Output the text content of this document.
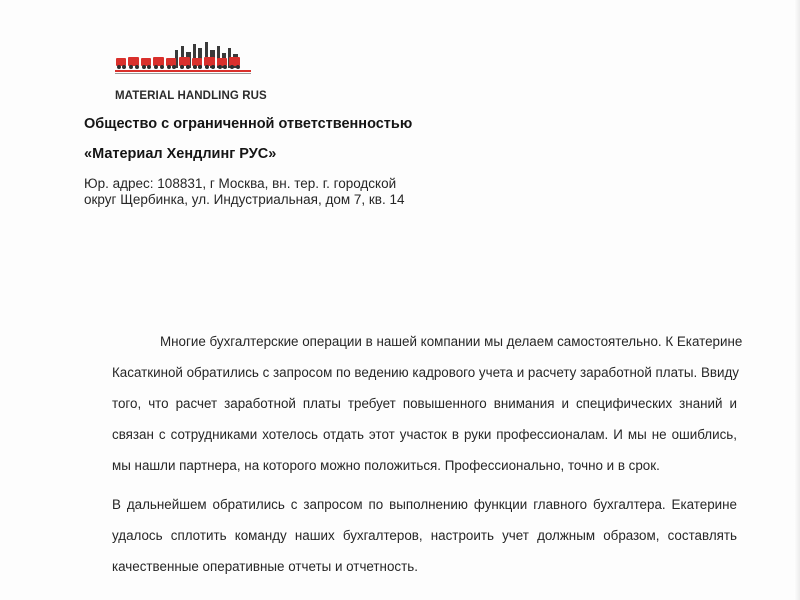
MATERIAL HANDLING RUS
Общество с ограниченной ответственностью
«Материал Хендлинг РУС»
Юр. адрес: 108831, г Москва, вн. тер. г. городской
округ Щербинка, ул. Индустриальная, дом 7, кв. 14
Многие бухгалтерские операции в нашей компании мы делаем самостоятельно. К Екатерине
Касаткиной обратились с запросом по ведению кадрового учета и расчету заработной платы. Ввиду
того, что расчет заработной платы требует повышенного внимания и специфических знаний и
связан с сотрудниками хотелось отдать этот участок в руки профессионалам. И мы не ошиблись,
мы нашли партнера, на которого можно положиться. Профессионально, точно и в срок.
В дальнейшем обратились с запросом по выполнению функции главного бухгалтера. Екатерине
удалось сплотить команду наших бухгалтеров, настроить учет должным образом, составлять
качественные оперативные отчеты и отчетность.
